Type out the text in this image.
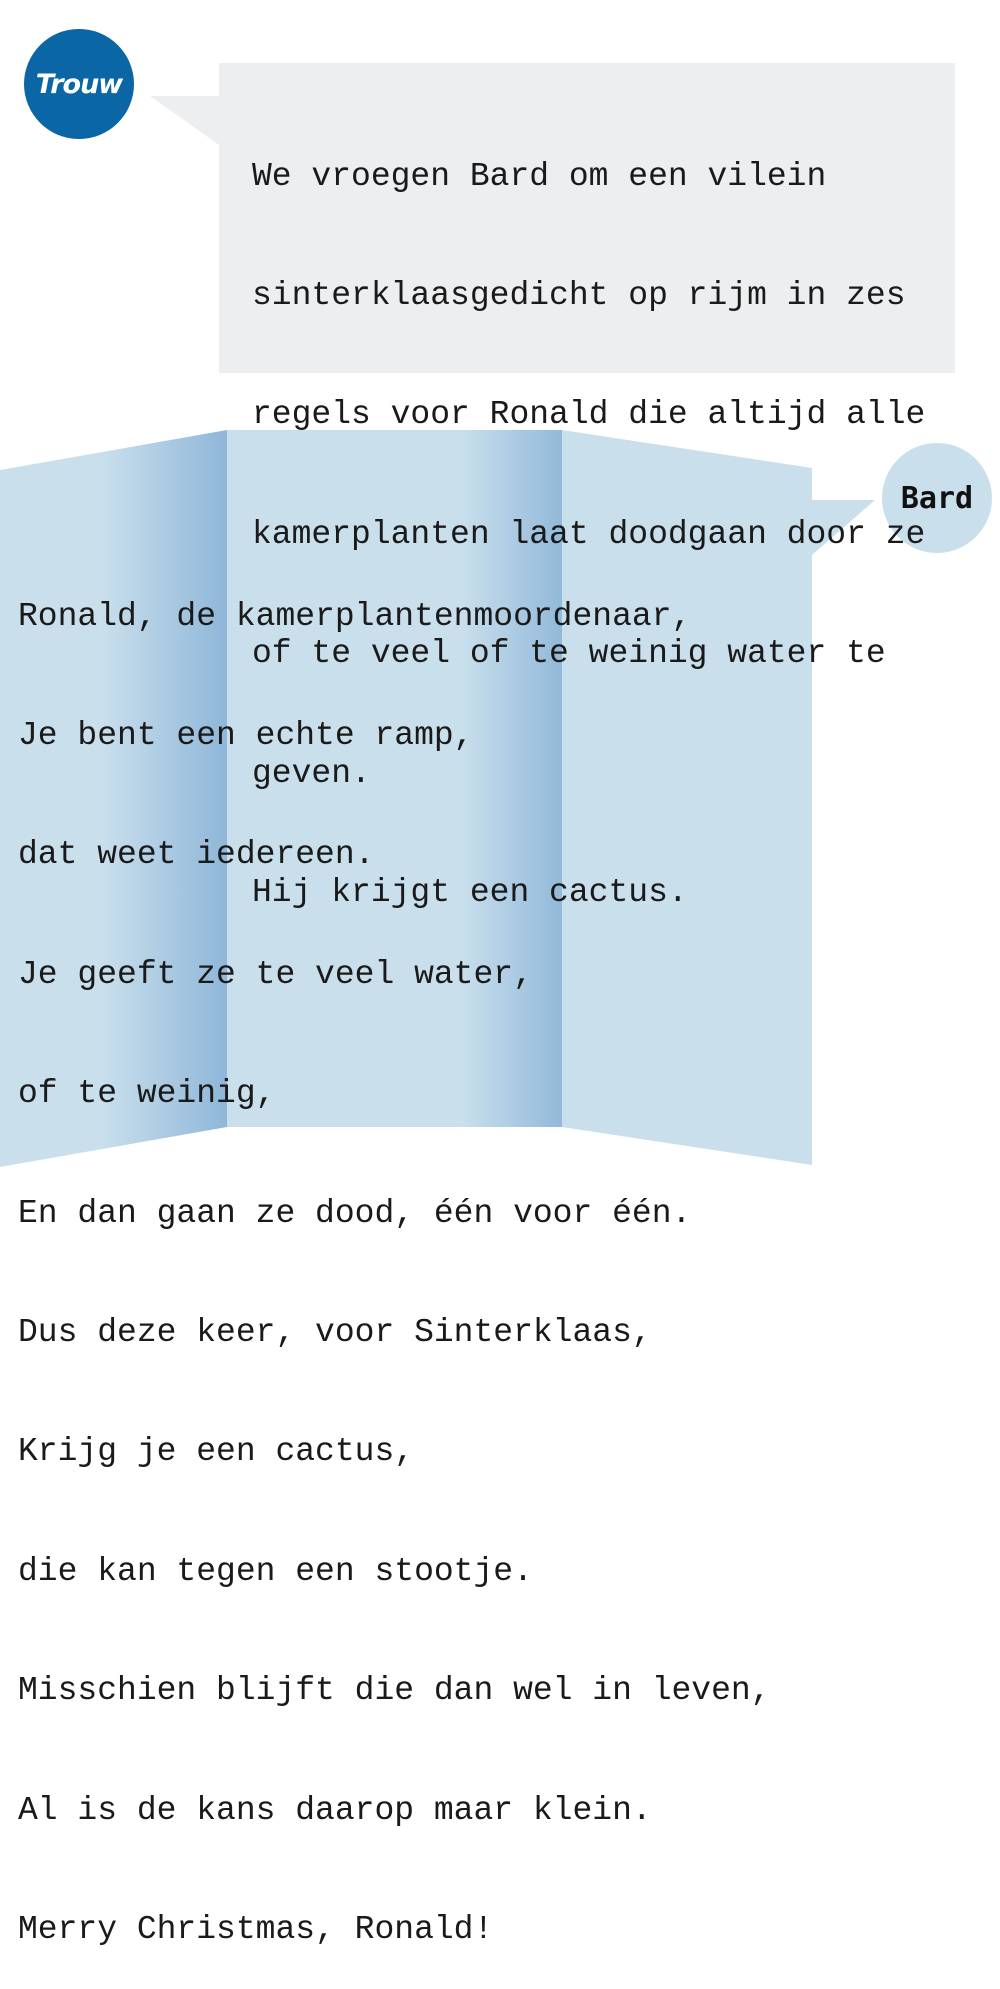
Trouw
Bard

We vroegen Bard om een vilein

sinterklaasgedicht op rijm in zes

regels voor Ronald die altijd alle

kamerplanten laat doodgaan door ze

of te veel of te weinig water te

geven.

Hij krijgt een cactus.

Ronald, de kamerplantenmoordenaar,

Je bent een echte ramp,

dat weet iedereen.

Je geeft ze te veel water,

of te weinig,

En dan gaan ze dood, één voor één.

Dus deze keer, voor Sinterklaas,

Krijg je een cactus,

die kan tegen een stootje.

Misschien blijft die dan wel in leven,

Al is de kans daarop maar klein.

Merry Christmas, Ronald!
